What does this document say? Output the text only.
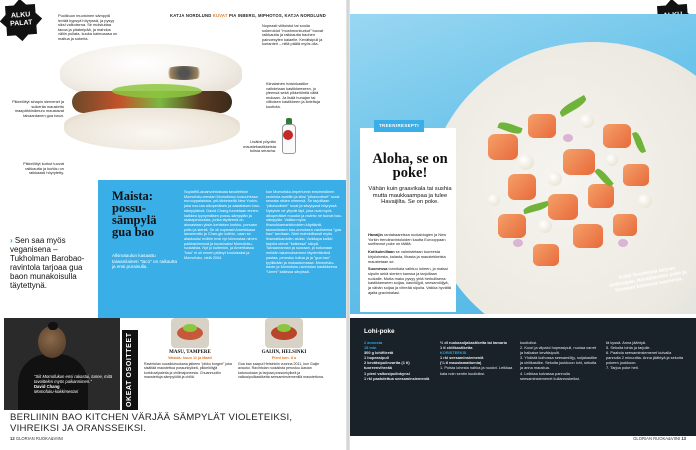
ALKU
PALAT
KATJA NORDLUND KUVAT PIA INBERG, MIPHOTOS, KATJA NORDLUND
Puolikuun muotoinen sämpylä leviää kypsyä höyryssä, ja pysyy siksi valkoisena. Se muistuttaa tacoa ja pitabeipää, ja mahdus väliin pullata, kuuka kalmoaasa on maitua ja sokeria.
Pikkelöityt sinapin siemenet ja suikerita maustettu maapähkinämuru maustavat taivaardanen gua baon.
Pikkelöityt kurkut tuovat raikkautta ja kurkku on raikkaasti höyrytetty.
Nopeasti viiltoistut tai soolia sokeroidut "mushmonkurkut" tuovat raikkautta ja raikkautta baohen painoesyten kaiaelle. Kevätsipuli ja korianteri – niitä päälä myös olla.
Kiinalainen hoisinkastike vaihdetaan kastikkeeseen, jo yleensä sekä pikkelöintiä vältä mukaan. Ja lisää hunajan tai viiltoisen kastikkeen ja liotettuja kuutiota.
Lisäksi pöydän maustekastikkeista tulisia sriracha.
› Sen saa myös veganisena – Tukholman Barobao-ravintola tarjoaa gua baon munakoisulla täytettynä.
Maista: possu-sämpylä gua bao
Alkinotaulun kasaattu taiwanilainen "taco" on raikautta ja ensi puraisulla.
Sopiat90-aloanvohtoisoaa tavuilehtoin Momofuku-mestari Momofukuu kosuuhessa eurooppalaistoa, yrit-tärkeiseltä New Yorkin, joka nos-taa alkuperäisen ja aasialaisen bao-sämpylänsä. David Chang tunnetaan ennen-kaikkea tyynymäisen possu-sämpylän ja raakaperunasta, jonka täytteenä on ainoastaan yksin-kertaisen kurkku, porsaan pottu ja sieniä. Se oli nopeasti Amerikkasa lanseerattu ja Chan-gin kotihin, vaan se alaskoutui möitiin ensi nyt kiinnostaa nimen paikkanimessä ja kuuluisaksi Momofuku-ruokalista. Nyt jo kuitenkin, ja Amerikassa "bao" ei oli ennen pitänyt kuuluisaksi ja Momofuku, vielä 2004.
kun Momofuku-imperiumin ensimmäinen ravintola avattiin ja siksi "pikavuotiset" ruoat seurata niiden nimensä. Se tarjoillaan "pikavuotiset" ruoat ja sävytyssä höyryssä. Nykyisin ne yltyvät läpi, joka ovat myös alkuperäiset muodot ja ravinto ne tuovat bao-sämpylän. Vaikka myös lihanukkamarkkinoiden käyttävät, taiwanilaisen bao-annoksen vastineena "gua bao" tarvitaan. Nimi mahdollisesti myös lihamakkaroiden aluksi. Vaikkapa kaikki tarjolla olevat "kaikessa" sävyä. Taivaanrannan ja suoraan, ja kokonaan meidän takamuksemme täydentävänä pastaa, perustuu tuttua ja ja "gua bao" tyylikkään ja mukautumassa. Momofuku-baote ja Momofuku-ravintolan kastikkeena "Ummi" kaikissa sävyissä.
"Siit Momofukun ensi rakastui, tunne, mitä tavoittelen myös paikannimen."
David Chang
Momofuku-kokkimestari	OKEAT OSOITTEET	MASU, TAMPERE
Wanda: kuun 11 ja Maali
Ravintolan suosikkiruokana jalkeen "pikku burgeri" joka sisältää maustettua possunkylkeä, pikkelöityjä kurkkuviipaleita ja chilimajoneesia. Chuannuoliin maustettuja sämpylöitä ja chiliä.
GAIJIN, HELSINKI
Pieni kon. 8 a
Gua bao saapui Helsinkiin vuonna 2011, kun Gaijin avautui. Ravintolan ruokalista perustuu Aasian katuruokaan ja tarjoaa possunkylkeä ja valkosipulikastiketta seesaminsiemenillä maustettuna.
BERLIININ BAO KITCHEN VÄRJÄÄ SÄMPYLÄT VIOLETEIKSI, VIHREIKSI JA ORANSSEIKSI.
12 GLORIAN RUOKA&VIINI

Aloha, se on poke!
Vähän kuin graavikala tai sushia mutta maukkaampaa ja tulee Havaijilta. Se on poke.

Havaijin rantabaareissa ruokablogien ja New Yorkin trendiravintoloiden kautta Eurooppaan surffannut poke on täällä.

Kotikulmillaan se valmistetaan tuoreesta kirjolohesta, kalasta, lihasta ja maustekkeista maustetaan se.

Suomessa tonnikala vaihtuu loheen, ja maissi sipulin sekä sienien kanssa ja tarjoillaan ruokalle. Mutta maku pysyy yhtä herkullisena: kastikkeeseen soijaa, kasviöljyä, seesamiöljyä, ja vähän soijaa ja vihreää sipulia. Vaikka hyvältä ajalta gravinkalasi.

TREENIRESEPTI
Kohti Suomessa tarjoaa uudempaa. Havaijilaisten poke ja Seesami kolmesta tuoreesta.
Lohi-poke
2 annosta
15 min
300 g lohifileetä
1 hopeasipuli
2 kevätsipulinvartta (1 tl)
tuoreenvihreää
1 pieni valkosipulinkynsi
1 rkl paahdettua seesaminsiemeniä
½ dl ruokasoijakastiketta tai tamaria
1 tl chilikastiketta
KORISTEEKSI
1 rkl seesaminsiemeniä
(¼ tl maustamattomia)
1. Poista lohesta nahka ja ruodot. Leikkaa kala noin sentin kuutioiksi.
kuutioiksi.
2. Kuori ja viipaloi hopeasipuli, nuolaa varret ja halkaise kevätsipulit.
3. Yhdistä kulhossa seesamiöljy, soijakastike ja chilikastike. Sekoita joukkoon lohi, sekoita ja anna maustua.
4. Leikkaa kuivassa pannulla seesaminsiemenet kullanruskeiksi.
tä kyssä. Anna jäähtyä.
5. Sekoita lohta ja tarjoile.
6. Paahda seesaminsiemenet kuivalla pannulla 2 minuuttia. Anna jäähtyä ja sekoita pokeen joukkoon.
7. Tarjoa poke heti.
GLORIAN RUOKA&VIINI 13
